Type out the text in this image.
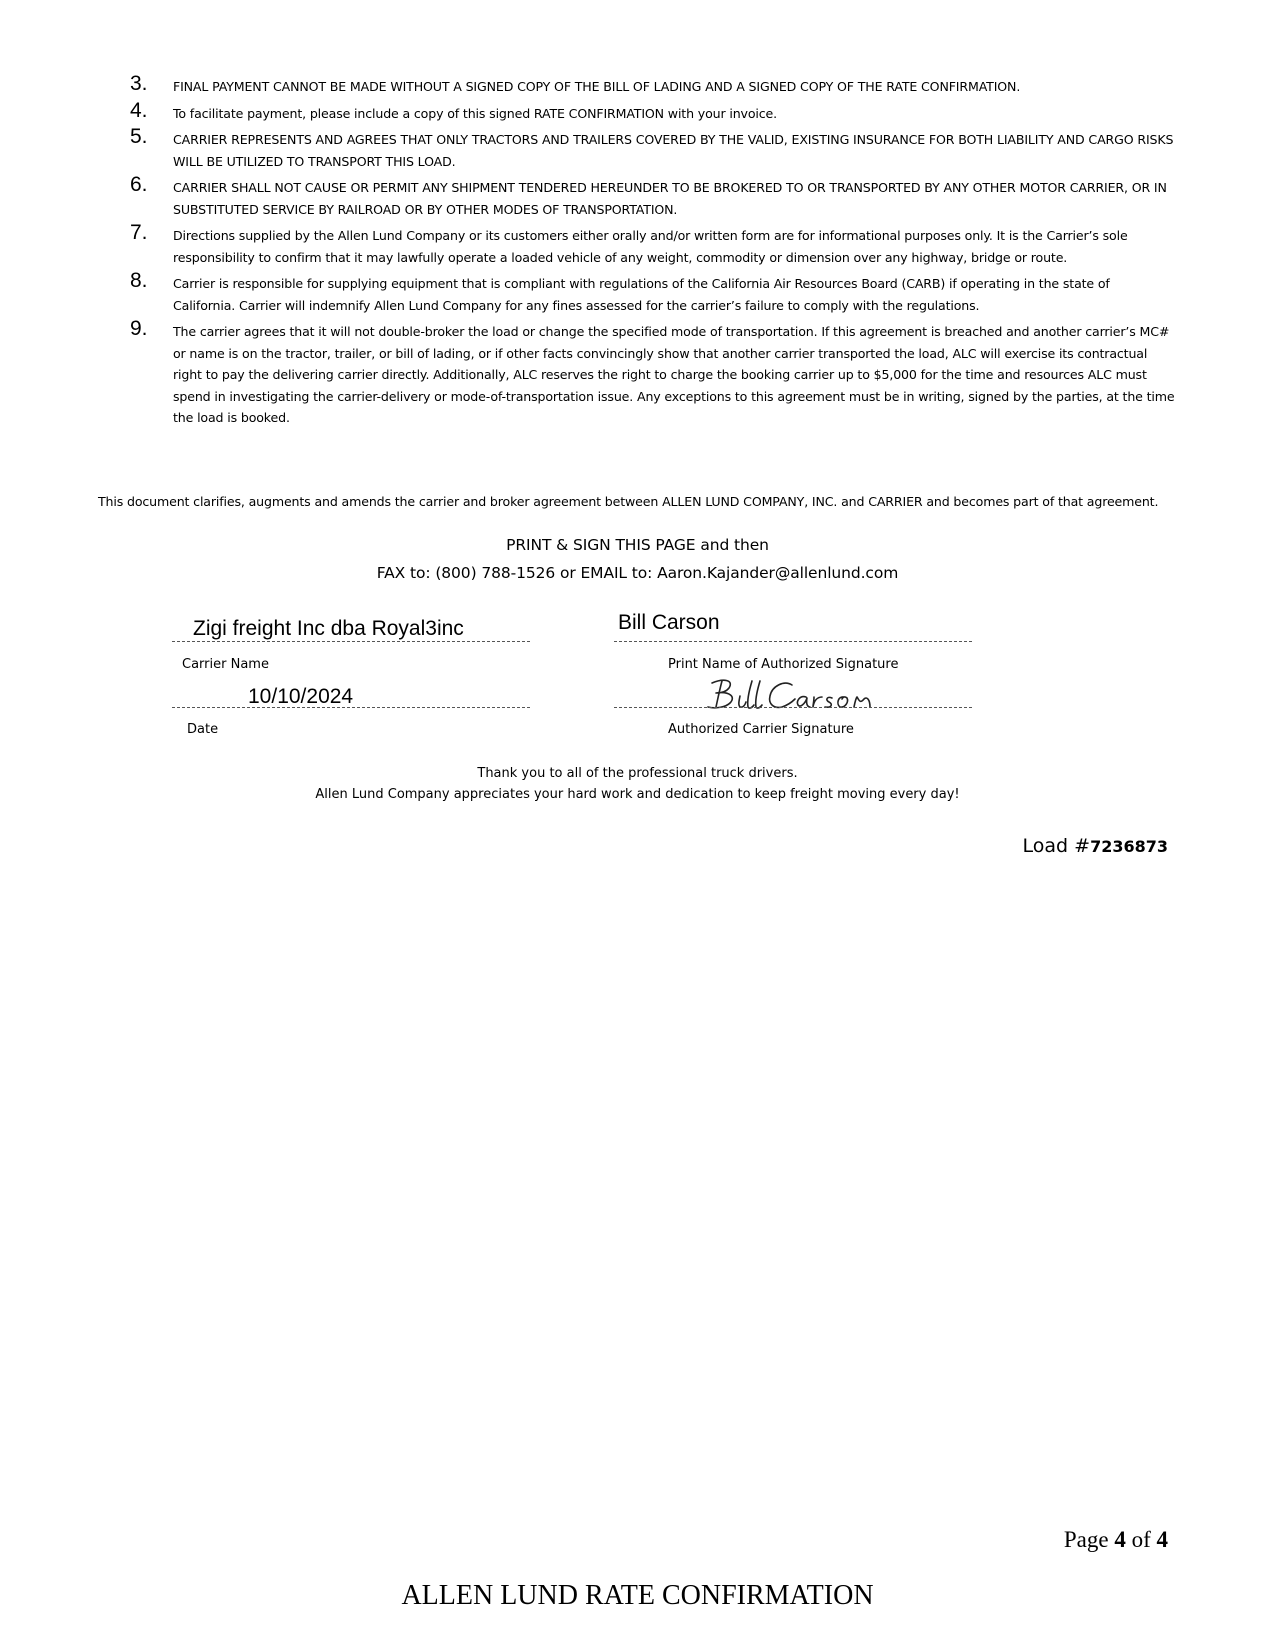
3. FINAL PAYMENT CANNOT BE MADE WITHOUT A SIGNED COPY OF THE BILL OF LADING AND A SIGNED COPY OF THE RATE CONFIRMATION.
4. To facilitate payment, please include a copy of this signed RATE CONFIRMATION with your invoice.
5. CARRIER REPRESENTS AND AGREES THAT ONLY TRACTORS AND TRAILERS COVERED BY THE VALID, EXISTING INSURANCE FOR BOTH LIABILITY AND CARGO RISKS WILL BE UTILIZED TO TRANSPORT THIS LOAD.
6. CARRIER SHALL NOT CAUSE OR PERMIT ANY SHIPMENT TENDERED HEREUNDER TO BE BROKERED TO OR TRANSPORTED BY ANY OTHER MOTOR CARRIER, OR IN SUBSTITUTED SERVICE BY RAILROAD OR BY OTHER MODES OF TRANSPORTATION.
7. Directions supplied by the Allen Lund Company or its customers either orally and/or written form are for informational purposes only. It is the Carrier’s sole responsibility to confirm that it may lawfully operate a loaded vehicle of any weight, commodity or dimension over any highway, bridge or route.
8. Carrier is responsible for supplying equipment that is compliant with regulations of the California Air Resources Board (CARB) if operating in the state of California. Carrier will indemnify Allen Lund Company for any fines assessed for the carrier’s failure to comply with the regulations.
9. The carrier agrees that it will not double-broker the load or change the specified mode of transportation. If this agreement is breached and another carrier’s MC# or name is on the tractor, trailer, or bill of lading, or if other facts convincingly show that another carrier transported the load, ALC will exercise its contractual right to pay the delivering carrier directly. Additionally, ALC reserves the right to charge the booking carrier up to $5,000 for the time and resources ALC must spend in investigating the carrier-delivery or mode-of-transportation issue. Any exceptions to this agreement must be in writing, signed by the parties, at the time the load is booked.
This document clarifies, augments and amends the carrier and broker agreement between ALLEN LUND COMPANY, INC. and CARRIER and becomes part of that agreement.
PRINT & SIGN THIS PAGE and then
FAX to: (800) 788-1526 or EMAIL to: Aaron.Kajander@allenlund.com
Zigi freight Inc dba Royal3inc
Carrier Name
Bill Carson
Print Name of Authorized Signature
10/10/2024
Date	Authorized Carrier Signature
Thank you to all of the professional truck drivers.
Allen Lund Company appreciates your hard work and dedication to keep freight moving every day!
Load #7236873
Page 4 of 4
ALLEN LUND RATE CONFIRMATION
